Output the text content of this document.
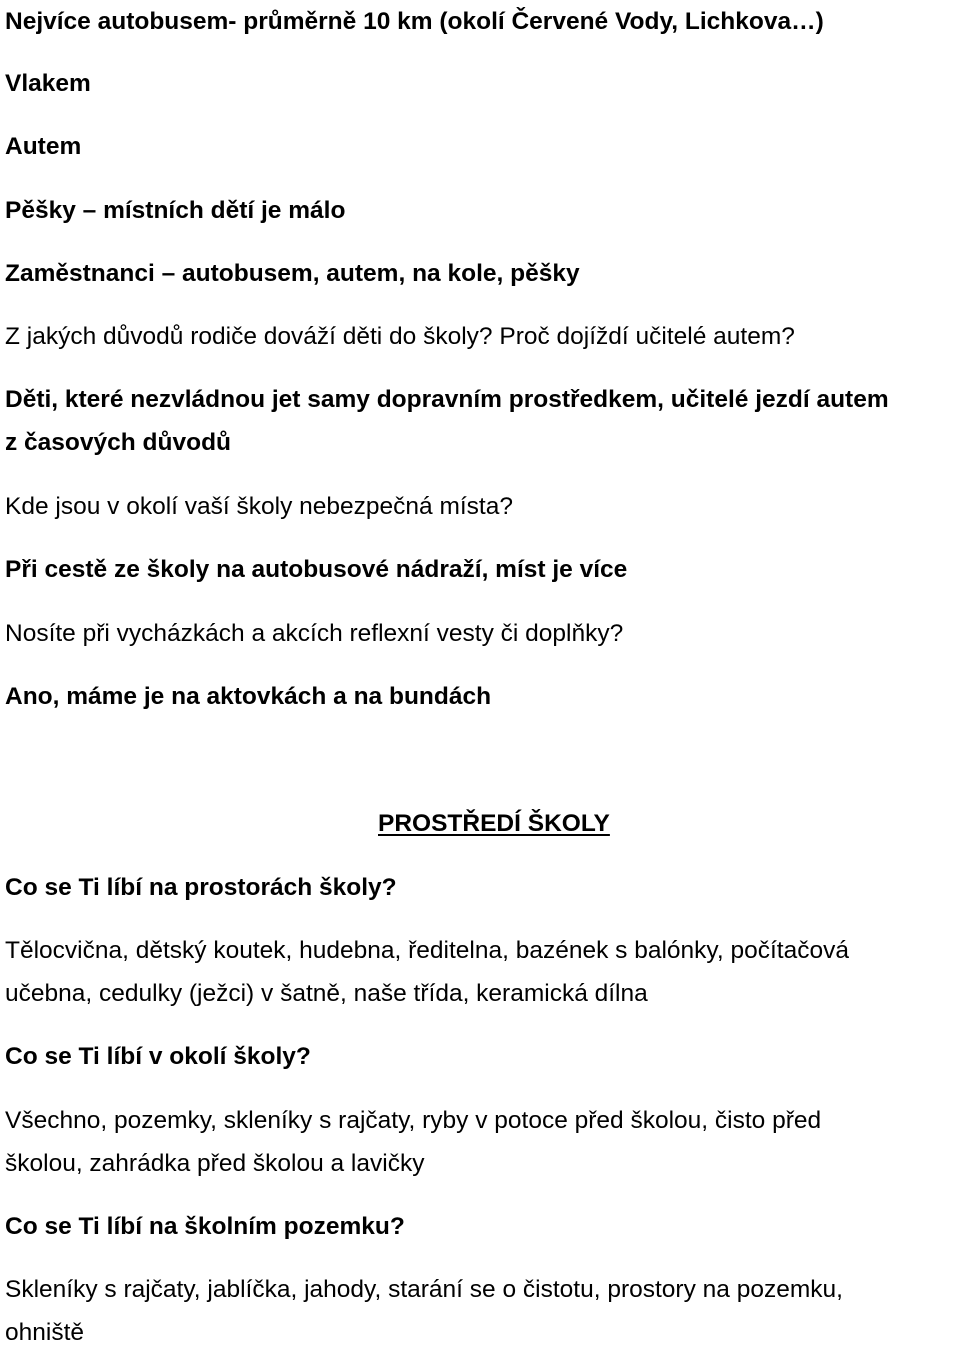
Nejvíce autobusem- průměrně 10 km (okolí Červené Vody, Lichkova…)

Vlakem

Autem

Pěšky – místních dětí je málo

Zaměstnanci – autobusem, autem, na kole, pěšky

Z jakých důvodů rodiče dováží děti do školy? Proč dojíždí učitelé autem?

Děti, které nezvládnou jet samy dopravním prostředkem, učitelé jezdí autem

z časových důvodů

Kde jsou v okolí vaší školy nebezpečná místa?

Při cestě ze školy na autobusové nádraží, míst je více

Nosíte při vycházkách a akcích reflexní vesty či doplňky?

Ano, máme je na aktovkách a na bundách

PROSTŘEDÍ ŠKOLY

Co se Ti líbí na prostorách školy?

Tělocvična, dětský koutek, hudebna, ředitelna, bazének s balónky, počítačová

učebna, cedulky (ježci) v šatně, naše třída, keramická dílna

Co se Ti líbí v okolí školy?

Všechno, pozemky, skleníky s rajčaty, ryby v potoce před školou, čisto před

školou, zahrádka před školou a lavičky

Co se Ti líbí na školním pozemku?

Skleníky s rajčaty, jablíčka, jahody, starání se o čistotu, prostory na pozemku,

ohniště
